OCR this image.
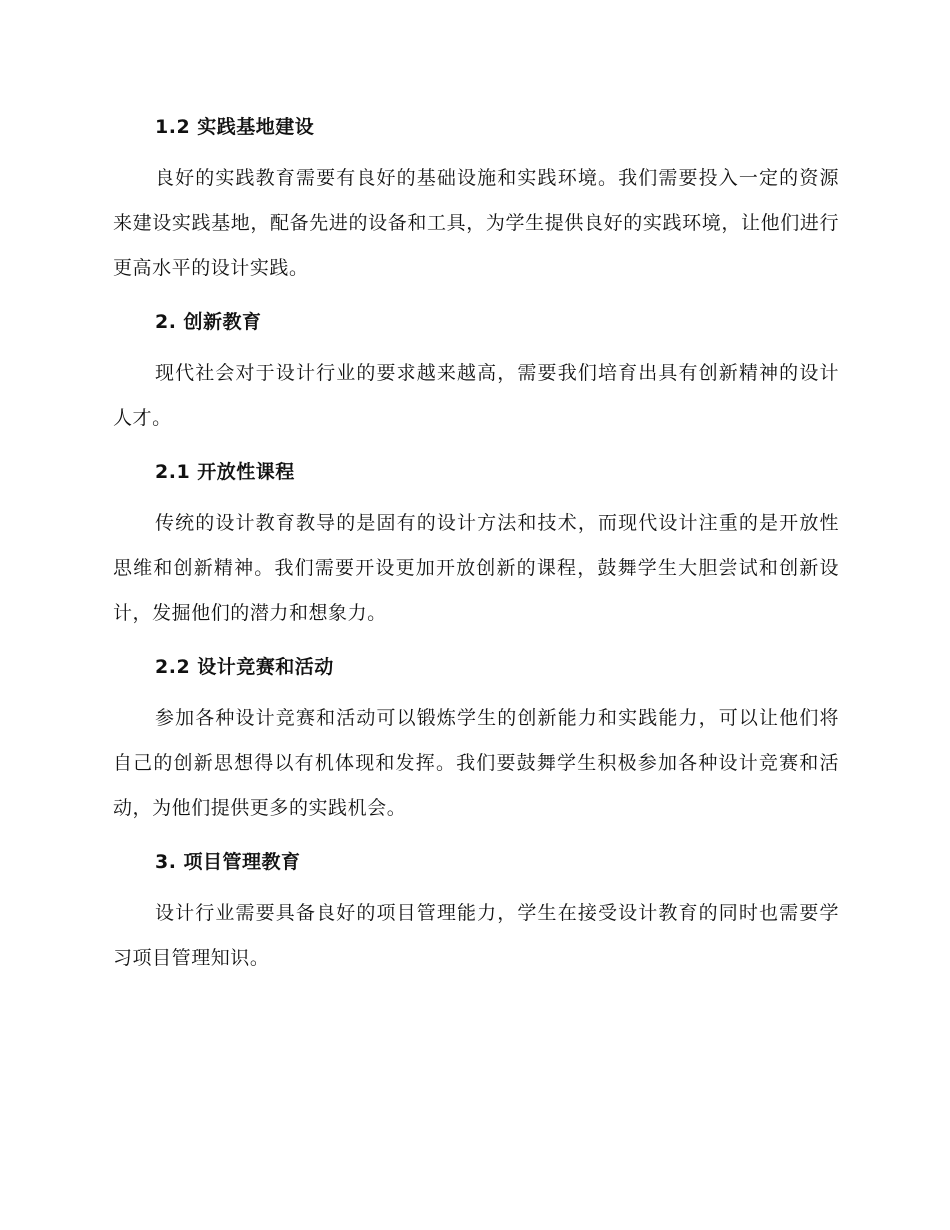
1.2 实践基地建设

良好的实践教育需要有良好的基础设施和实践环境。我们需要投入一定的资源来建设实践基地，配备先进的设备和工具，为学生提供良好的实践环境，让他们进行更高水平的设计实践。

2. 创新教育

现代社会对于设计行业的要求越来越高，需要我们培育出具有创新精神的设计人才。

2.1 开放性课程

传统的设计教育教导的是固有的设计方法和技术，而现代设计注重的是开放性思维和创新精神。我们需要开设更加开放创新的课程，鼓舞学生大胆尝试和创新设计，发掘他们的潜力和想象力。

2.2 设计竞赛和活动

参加各种设计竞赛和活动可以锻炼学生的创新能力和实践能力，可以让他们将自己的创新思想得以有机体现和发挥。我们要鼓舞学生积极参加各种设计竞赛和活动，为他们提供更多的实践机会。

3. 项目管理教育

设计行业需要具备良好的项目管理能力，学生在接受设计教育的同时也需要学习项目管理知识。
